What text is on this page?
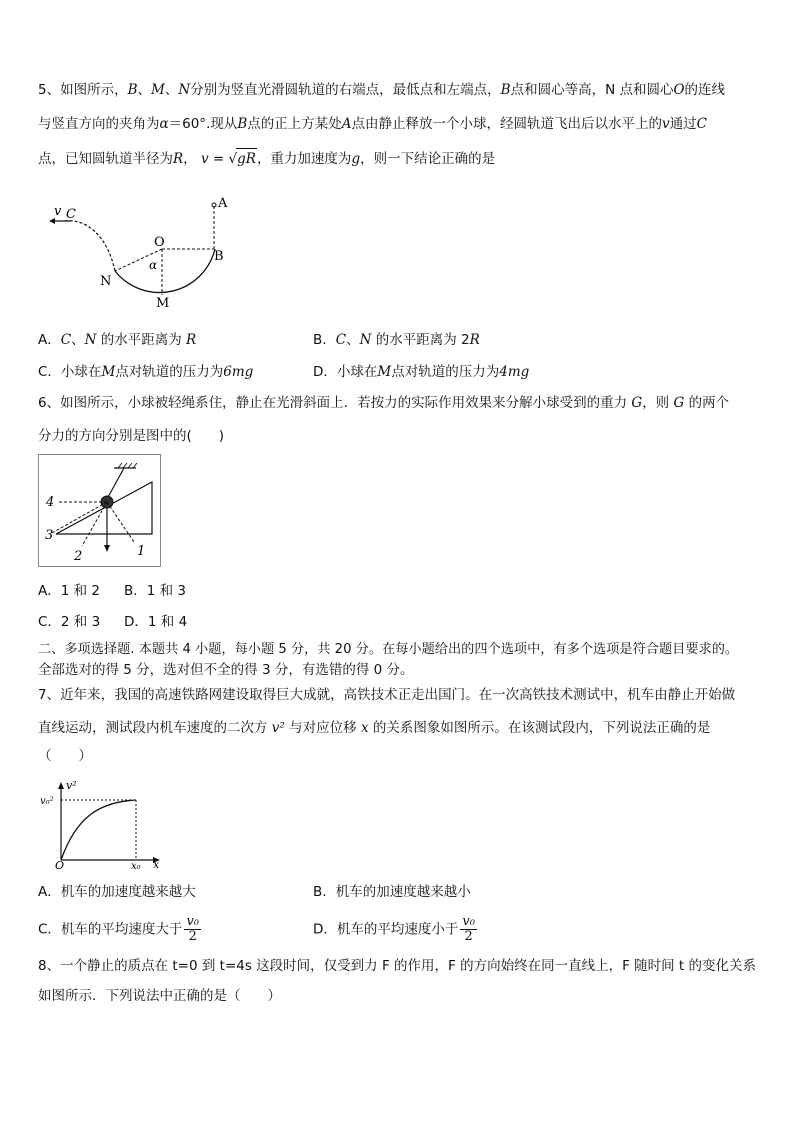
5、如图所示，B、M、N分别为竖直光滑圆轨道的右端点，最低点和左端点，B点和圆心等高，N 点和圆心O的连线
与竖直方向的夹角为α＝60°.现从B点的正上方某处A点由静止释放一个小球，经圆轨道飞出后以水平上的v通过C
点，已知圆轨道半径为R， v = √gR，重力加速度为g，则一下结论正确的是
v C
A
O
B
N
M
α
A．C、N 的水平距离为 R	B．C、N 的水平距离为 2R
C．小球在M点对轨道的压力为6mg	D．小球在M点对轨道的压力为4mg
6、如图所示，小球被轻绳系住，静止在光滑斜面上．若按力的实际作用效果来分解小球受到的重力 G，则 G 的两个
分力的方向分别是图中的(　　)
4
3
2	1
A．1 和 2 B．1 和 3
C．2 和 3 D．1 和 4
二、多项选择题. 本题共 4 小题，每小题 5 分，共 20 分。在每小题给出的四个选项中，有多个选项是符合题目要求的。
全部选对的得 5 分，选对但不全的得 3 分，有选错的得 0 分。
7、近年来，我国的高速铁路网建设取得巨大成就，高铁技术正走出国门。在一次高铁技术测试中，机车由静止开始做
直线运动，测试段内机车速度的二次方 v² 与对应位移 x 的关系图象如图所示。在该测试段内，下列说法正确的是
（　　）
v²
v₀²
O	x₀ x
A．机车的加速度越来越大	B．机车的加速度越来越小
C．机车的平均速度大于 $\frac{\text{v₀}}{2}$	D．机车的平均速度小于 $\frac{\text{v₀}}{2}$
8、一个静止的质点在 t=0 到 t=4s 这段时间，仅受到力 F 的作用，F 的方向始终在同一直线上，F 随时间 t 的变化关系
如图所示．下列说法中正确的是（　　）
